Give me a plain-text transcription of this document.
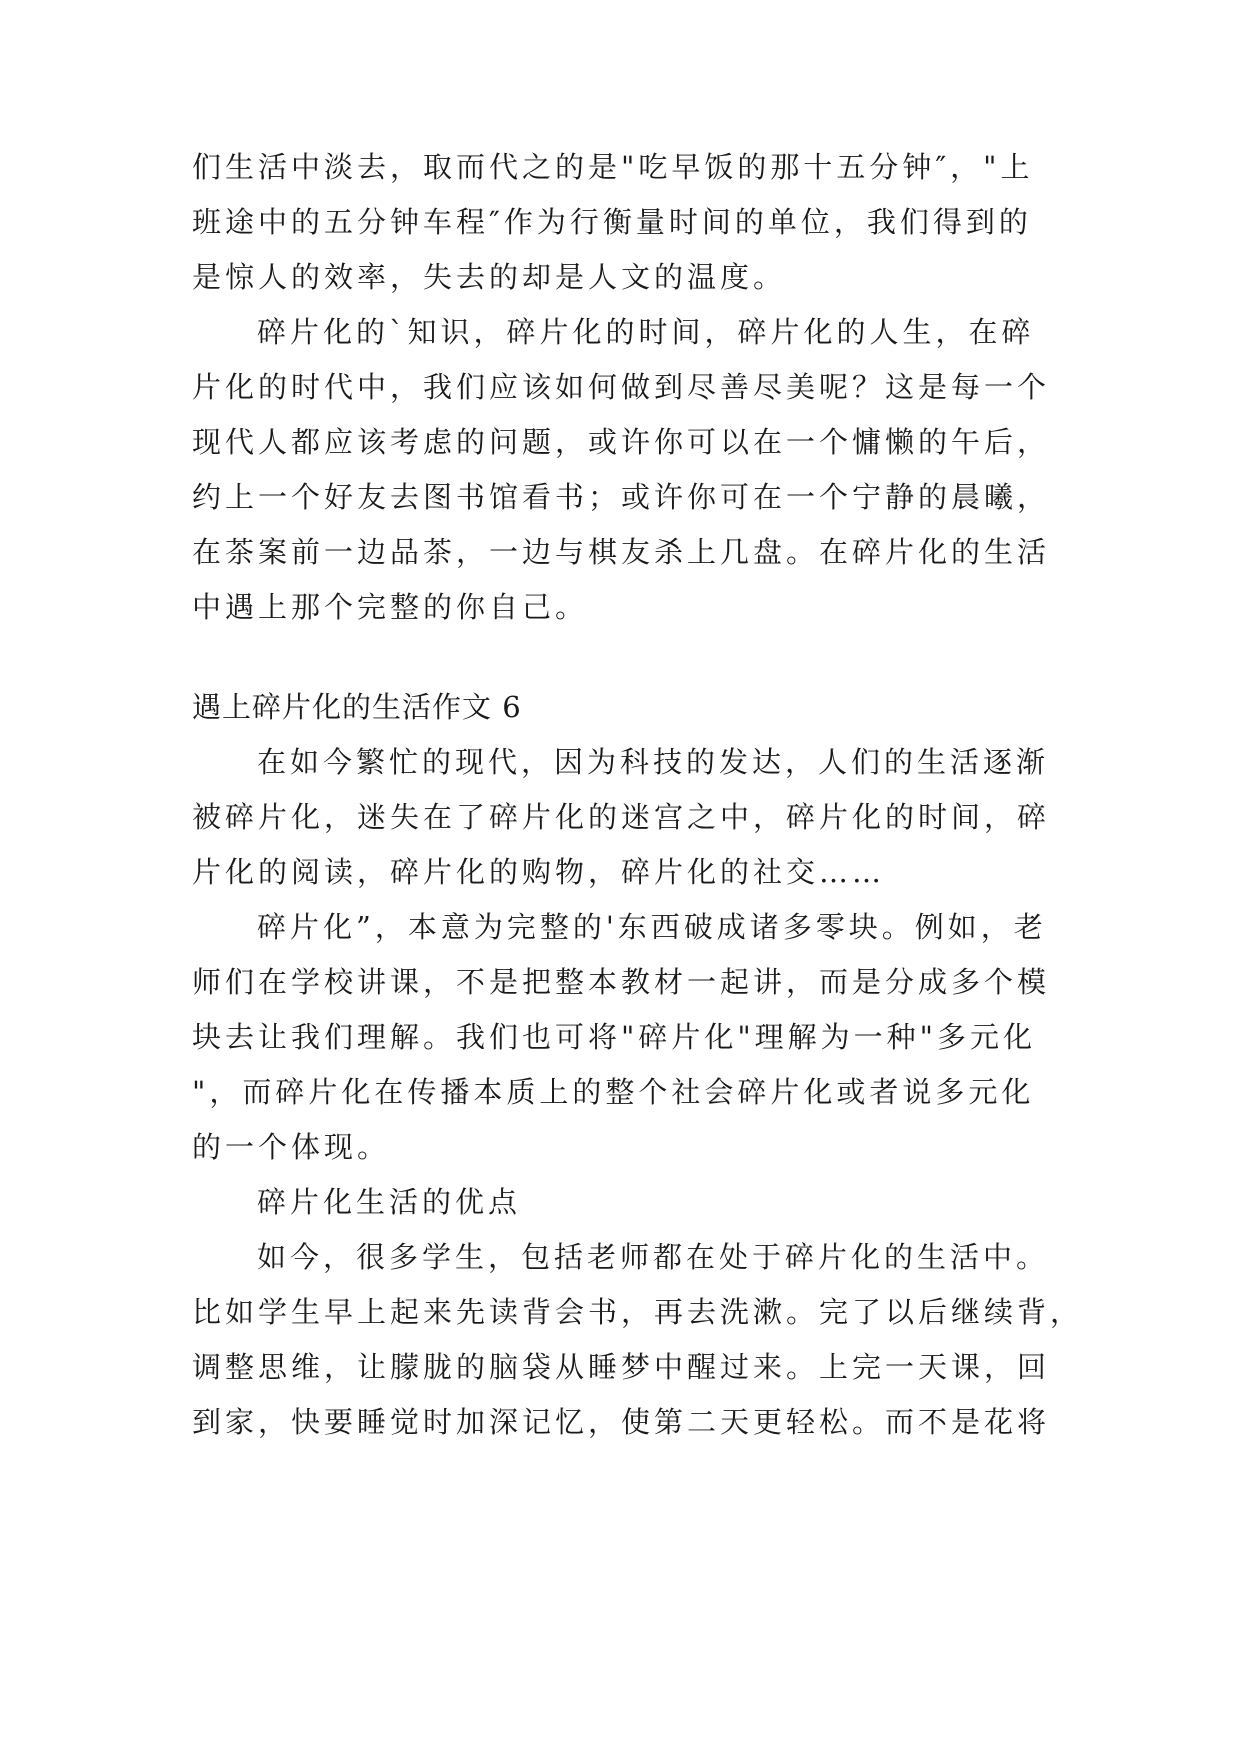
们生活中淡去，取而代之的是"吃早饭的那十五分钟″，"上
班途中的五分钟车程″作为行衡量时间的单位，我们得到的
是惊人的效率，失去的却是人文的温度。
碎片化的`知识，碎片化的时间，碎片化的人生，在碎
片化的时代中，我们应该如何做到尽善尽美呢？这是每一个
现代人都应该考虑的问题，或许你可以在一个慵懒的午后，
约上一个好友去图书馆看书；或许你可在一个宁静的晨曦，
在茶案前一边品茶，一边与棋友杀上几盘。在碎片化的生活
中遇上那个完整的你自己。
遇上碎片化的生活作文 6
在如今繁忙的现代，因为科技的发达，人们的生活逐渐
被碎片化，迷失在了碎片化的迷宫之中，碎片化的时间，碎
片化的阅读，碎片化的购物，碎片化的社交……
碎片化”，本意为完整的'东西破成诸多零块。例如，老
师们在学校讲课，不是把整本教材一起讲，而是分成多个模
块去让我们理解。我们也可将"碎片化"理解为一种"多元化
"，而碎片化在传播本质上的整个社会碎片化或者说多元化
的一个体现。
碎片化生活的优点
如今，很多学生，包括老师都在处于碎片化的生活中。
比如学生早上起来先读背会书，再去洗漱。完了以后继续背，
调整思维，让朦胧的脑袋从睡梦中醒过来。上完一天课，回
到家，快要睡觉时加深记忆，使第二天更轻松。而不是花将
